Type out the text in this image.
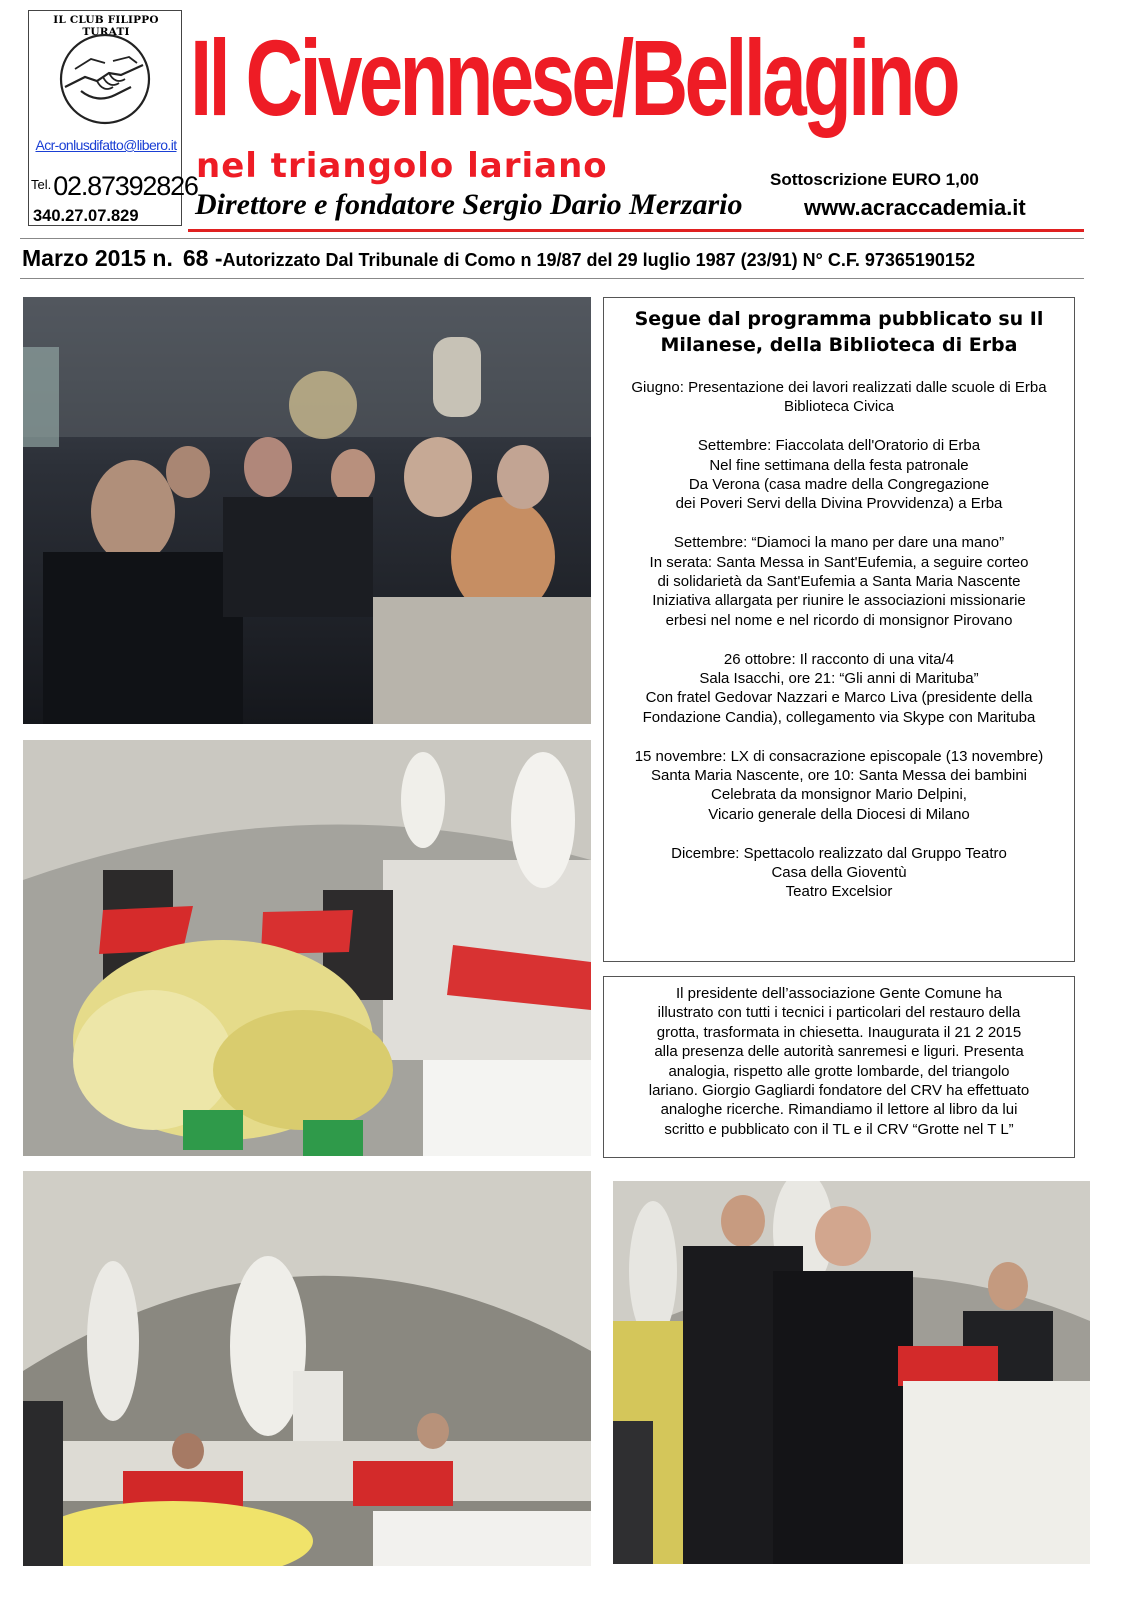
IL CLUB FILIPPO TURATI
Acr-onlusdifatto@libero.it
$^{Tel.}$02.87392826
340.27.07.829
Il Civennese/Bellagino
nel triangolo lariano	Sottoscrizione EURO 1,00
Direttore e fondatore Sergio Dario Merzario	www.acraccademia.it
Marzo 2015 n. 68 -Autorizzato Dal Tribunale di Como n 19/87 del 29 luglio 1987 (23/91) N° C.F. 97365190152
Segue dal programma pubblicato su Il
Milanese, della Biblioteca di Erba
Giugno: Presentazione dei lavori realizzati dalle scuole di Erba
Biblioteca Civica
Settembre: Fiaccolata dell'Oratorio di Erba
Nel fine settimana della festa patronale
Da Verona (casa madre della Congregazione
dei Poveri Servi della Divina Provvidenza) a Erba
Settembre: “Diamoci la mano per dare una mano”
In serata: Santa Messa in Sant'Eufemia, a seguire corteo
di solidarietà da Sant'Eufemia a Santa Maria Nascente
Iniziativa allargata per riunire le associazioni missionarie
erbesi nel nome e nel ricordo di monsignor Pirovano
26 ottobre: Il racconto di una vita/4
Sala Isacchi, ore 21: “Gli anni di Marituba”
Con fratel Gedovar Nazzari e Marco Liva (presidente della Fondazione Candia), collegamento via Skype con Marituba
15 novembre: LX di consacrazione episcopale (13 novembre)
Santa Maria Nascente, ore 10: Santa Messa dei bambini
Celebrata da monsignor Mario Delpini,
Vicario generale della Diocesi di Milano
Dicembre: Spettacolo realizzato dal Gruppo Teatro Casa della Gioventù
Teatro Excelsior
Il presidente dell’associazione Gente Comune ha
illustrato con tutti i tecnici i particolari del restauro della
grotta, trasformata in chiesetta. Inaugurata il 21 2 2015
alla presenza delle autorità sanremesi e liguri. Presenta
analogia, rispetto alle grotte lombarde, del triangolo
lariano. Giorgio Gagliardi fondatore del CRV ha effettuato
analoghe ricerche. Rimandiamo il lettore al libro da lui
scritto e pubblicato con il TL e il CRV “Grotte nel T L”
